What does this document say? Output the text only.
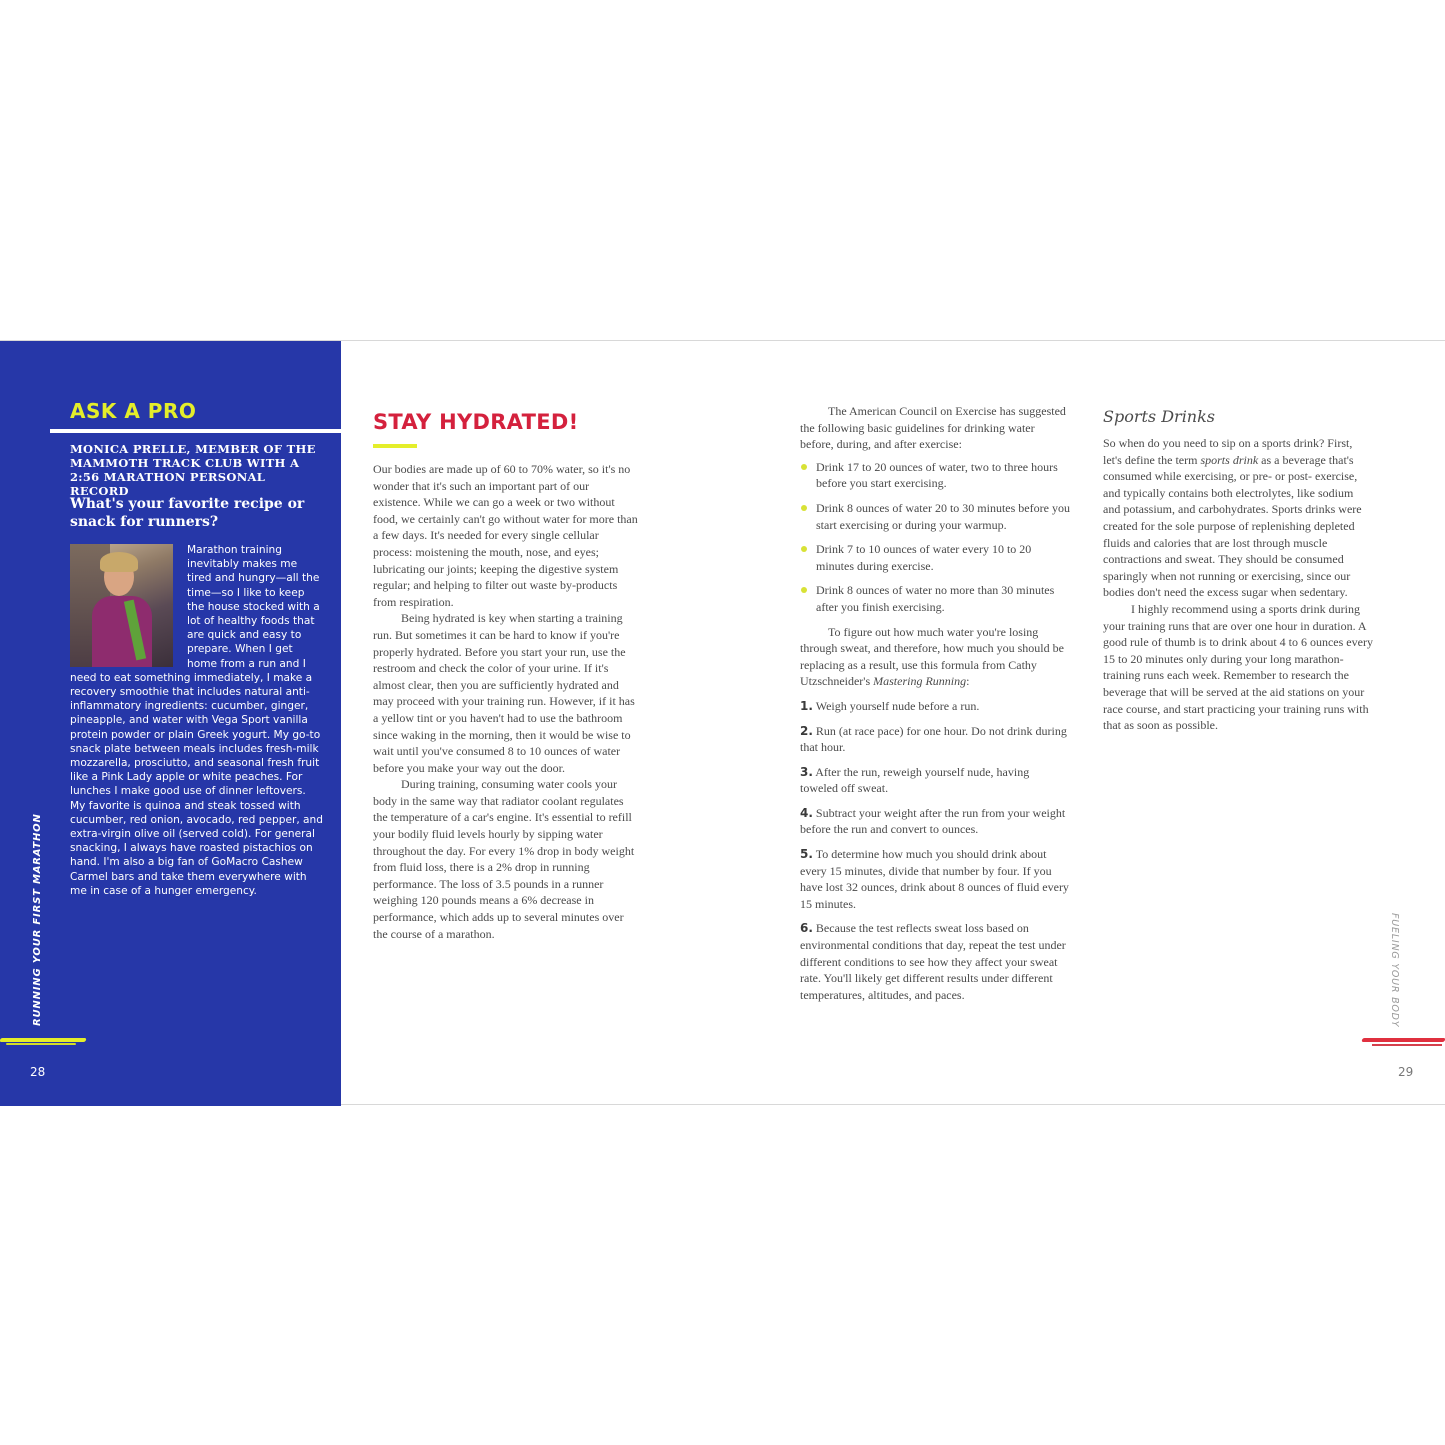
ASK A PRO
MONICA PRELLE, MEMBER OF THE MAMMOTH TRACK CLUB WITH A 2:56 MARATHON PERSONAL RECORD
What's your favorite recipe or snack for runners?

Marathon training inevitably makes me tired and hungry—all the time—so I like to keep the house stocked with a lot of healthy foods that are quick and easy to prepare. When I get home from a run and I need to eat something immediately, I make a recovery smoothie that includes natural anti-inflammatory ingredients: cucumber, ginger, pineapple, and water with Vega Sport vanilla protein powder or plain Greek yogurt. My go-to snack plate between meals includes fresh-milk mozzarella, prosciutto, and seasonal fresh fruit like a Pink Lady apple or white peaches. For lunches I make good use of dinner leftovers. My favorite is quinoa and steak tossed with cucumber, red onion, avocado, red pepper, and extra-virgin olive oil (served cold). For general snacking, I always have roasted pistachios on hand. I'm also a big fan of GoMacro Cashew Carmel bars and take them everywhere with me in case of a hunger emergency.

28
RUNNING YOUR FIRST MARATHON
STAY HYDRATED!

Our bodies are made up of 60 to 70% water, so it's no wonder that it's such an important part of our existence. While we can go a week or two without food, we certainly can't go without water for more than a few days. It's needed for every single cellular process: moistening the mouth, nose, and eyes; lubricating our joints; keeping the digestive system regular; and helping to filter out waste by-products from respiration.

Being hydrated is key when starting a training run. But sometimes it can be hard to know if you're properly hydrated. Before you start your run, use the restroom and check the color of your urine. If it's almost clear, then you are sufficiently hydrated and may proceed with your training run. However, if it has a yellow tint or you haven't had to use the bathroom since waking in the morning, then it would be wise to wait until you've consumed 8 to 10 ounces of water before you make your way out the door.

During training, consuming water cools your body in the same way that radiator coolant regulates the temperature of a car's engine. It's essential to refill your bodily fluid levels hourly by sipping water throughout the day. For every 1% drop in body weight from fluid loss, there is a 2% drop in running performance. The loss of 3.5 pounds in a runner weighing 120 pounds means a 6% decrease in performance, which adds up to several minutes over the course of a marathon.

The American Council on Exercise has suggested the following basic guidelines for drinking water before, during, and after exercise:

Drink 17 to 20 ounces of water, two to three hours before you start exercising.
Drink 8 ounces of water 20 to 30 minutes before you start exercising or during your warmup.
Drink 7 to 10 ounces of water every 10 to 20 minutes during exercise.
Drink 8 ounces of water no more than 30 minutes after you finish exercising.

To figure out how much water you're losing through sweat, and therefore, how much you should be replacing as a result, use this formula from Cathy Utzschneider's Mastering Running:

1. Weigh yourself nude before a run.
2. Run (at race pace) for one hour. Do not drink during that hour.
3. After the run, reweigh yourself nude, having toweled off sweat.
4. Subtract your weight after the run from your weight before the run and convert to ounces.
5. To determine how much you should drink about every 15 minutes, divide that number by four. If you have lost 32 ounces, drink about 8 ounces of fluid every 15 minutes.
6. Because the test reflects sweat loss based on environmental conditions that day, repeat the test under different conditions to see how they affect your sweat rate. You'll likely get different results under different temperatures, altitudes, and paces.
Sports Drinks

So when do you need to sip on a sports drink? First, let's define the term sports drink as a beverage that's consumed while exercising, or pre- or post- exercise, and typically contains both electrolytes, like sodium and potassium, and carbohydrates. Sports drinks were created for the sole purpose of replenishing depleted fluids and calories that are lost through muscle contractions and sweat. They should be consumed sparingly when not running or exercising, since our bodies don't need the excess sugar when sedentary.

I highly recommend using a sports drink during your training runs that are over one hour in duration. A good rule of thumb is to drink about 4 to 6 ounces every 15 to 20 minutes only during your long marathon-training runs each week. Remember to research the beverage that will be served at the aid stations on your race course, and start practicing your training runs with that as soon as possible.

FUELING YOUR BODY
29
